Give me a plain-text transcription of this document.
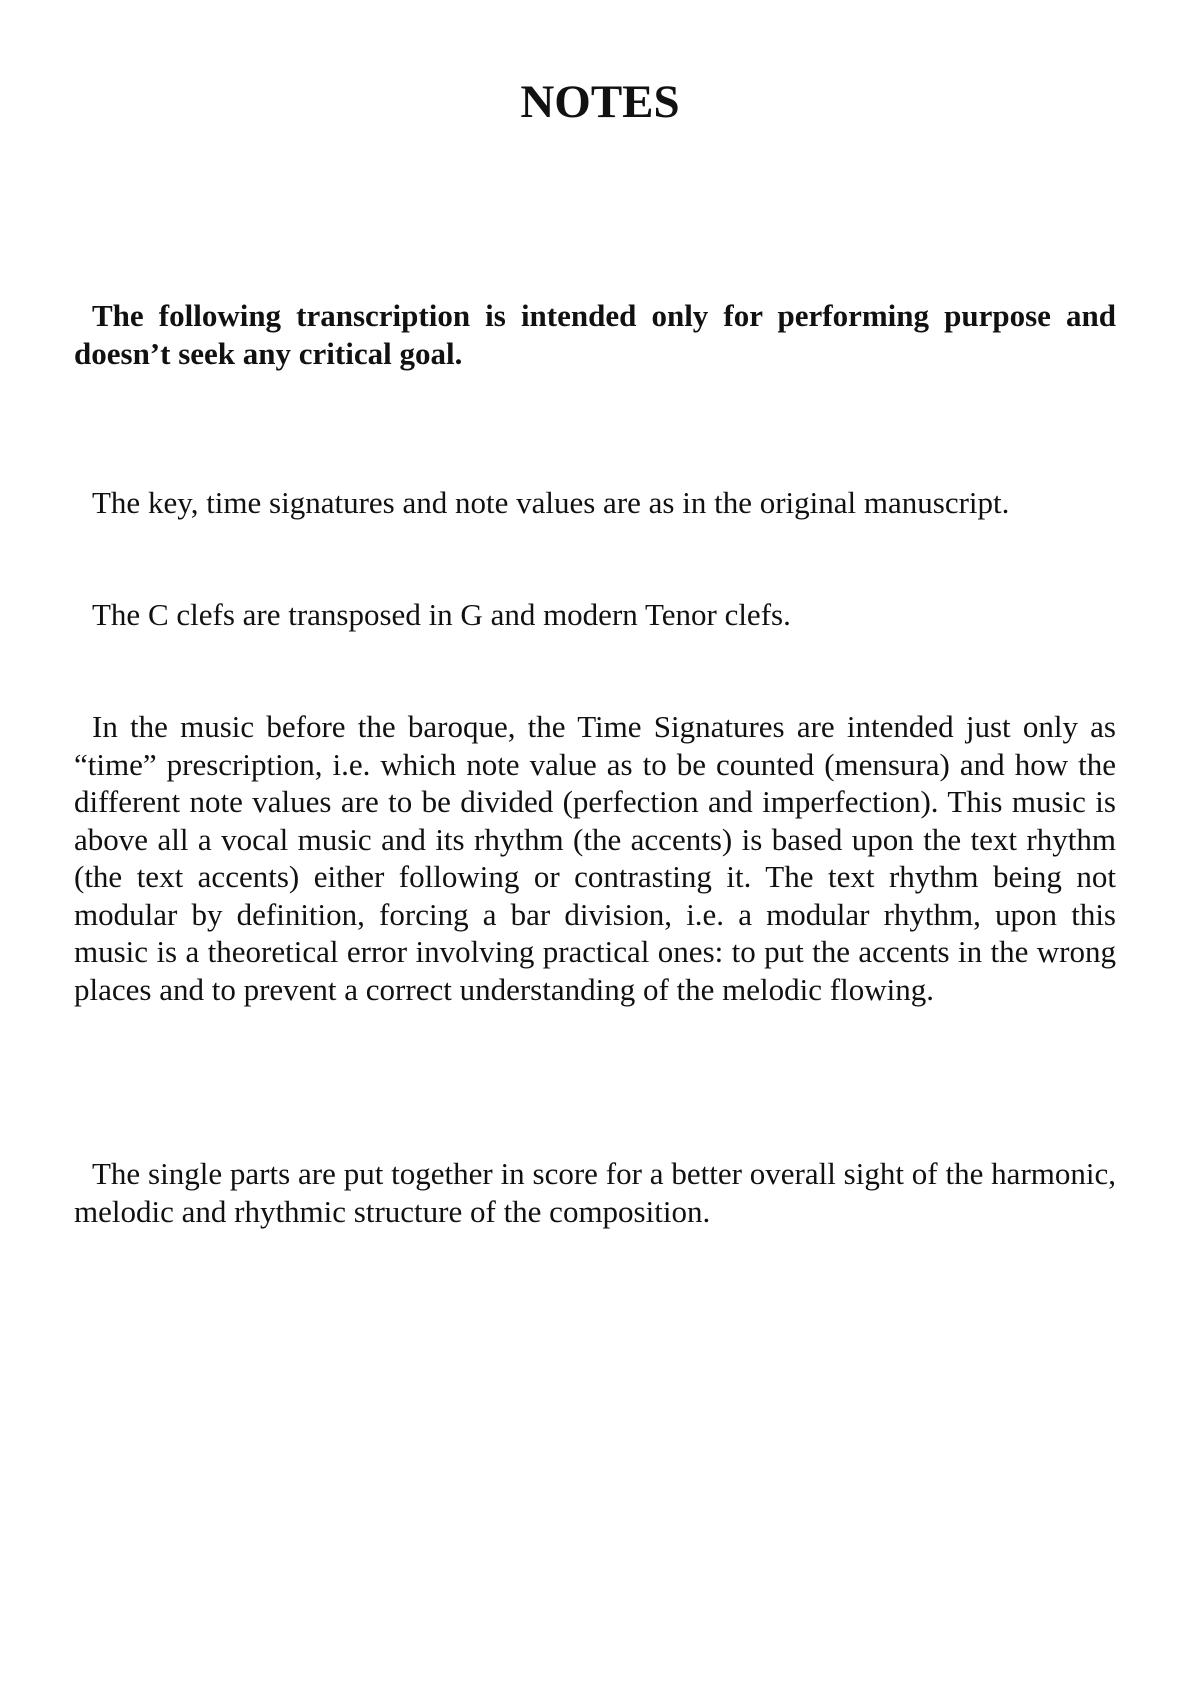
NOTES

The following transcription is intended only for performing purpose and doesn’t seek any critical goal.

The key, time signatures and note values are as in the original manuscript.

The C clefs are transposed in G and modern Tenor clefs.

In the music before the baroque, the Time Signatures are intended just only as “time” prescription, i.e. which note value as to be counted (mensura) and how the different note values are to be divided (perfection and imperfection). This music is above all a vocal music and its rhythm (the accents) is based upon the text rhythm (the text accents) either following or contrasting it. The text rhythm being not modular by definition, forcing a bar division, i.e. a modular rhythm, upon this music is a theoretical error involving practical ones: to put the accents in the wrong places and to prevent a correct understanding of the melodic flowing.

The single parts are put together in score for a better overall sight of the harmonic, melodic and rhythmic structure of the composition.
